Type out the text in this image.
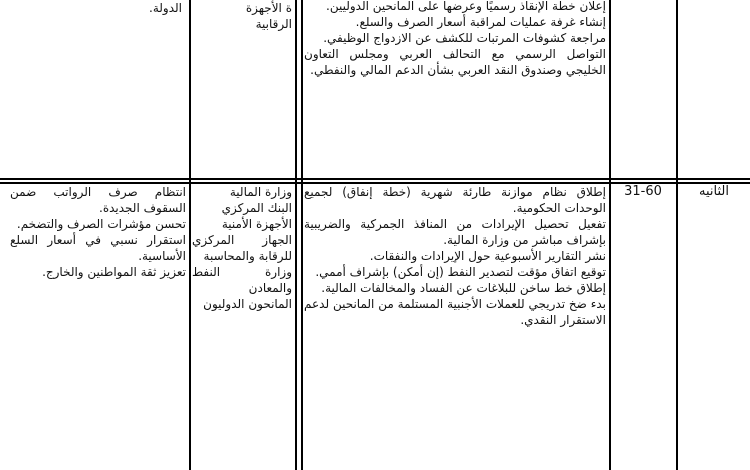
الدولة.	ة الأجهزة

الرقابية

إعلان خطة الإنقاذ رسميًا وعرضها على المانحين الدوليين.

إنشاء غرفة عمليات لمراقبة أسعار الصرف والسلع.

مراجعة كشوفات المرتبات للكشف عن الازدواج الوظيفي.

التواصل الرسمي مع التحالف العربي ومجلس التعاون الخليجي وصندوق النقد العربي بشأن الدعم المالي والنفطي.

الثانيه

31-60

إطلاق نظام موازنة طارئة شهرية (خطة إنفاق) لجميع الوحدات الحكومية.

تفعيل تحصيل الإيرادات من المنافذ الجمركية والضريبية بإشراف مباشر من وزارة المالية.

نشر التقارير الأسبوعية حول الإيرادات والنفقات.

توقيع اتفاق مؤقت لتصدير النفط (إن أمكن) بإشراف أممي.

إطلاق خط ساخن للبلاغات عن الفساد والمخالفات المالية.

بدء ضخ تدريجي للعملات الأجنبية المستلمة من المانحين لدعم الاستقرار النقدي.

وزارة المالية

البنك المركزي

الأجهزة الأمنية

الجهاز المركزي للرقابة والمحاسبة

وزارة النفط والمعادن

المانحون الدوليون

انتظام صرف الرواتب ضمن السقوف الجديدة.

تحسن مؤشرات الصرف والتضخم.

استقرار نسبي في أسعار السلع الأساسية.

تعزيز ثقة المواطنين والخارج.
